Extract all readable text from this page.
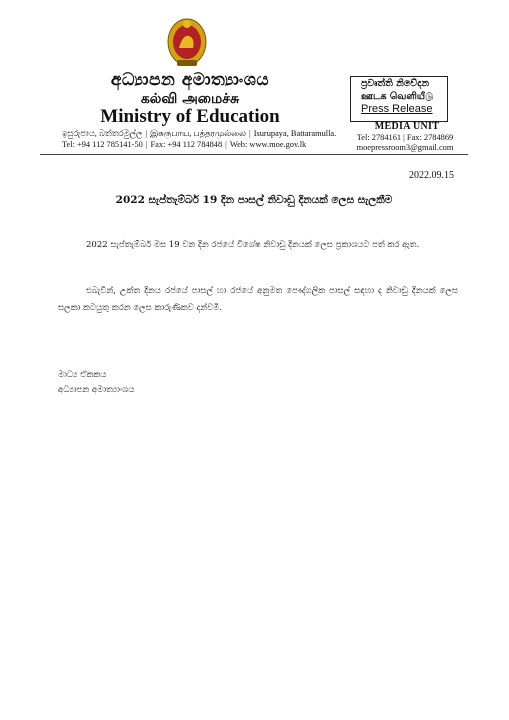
අධ්‍යාපන අමාත්‍යාංශය
கல்வி அமைச்சு
Ministry of Education
ඉසුරුපාය, බත්තරමුල්ල | இசுருபாய, பத்தரமுல்லை | Isurupaya, Battaramulla.
Tel: +94 112 785141-50 | Fax: +94 112 784848 | Web: www.moe.gov.lk
ප්‍රවෘත්ති නිවේදන
ஊடக வெளியீடு
Press Release
MEDIA UNIT
Tel: 2784161 | Fax: 2784869
moepressroom3@gmail.com
2022.09.15
2022 සැප්තැම්බර් 19 දින පාසල් නිවාඩු දිනයක් ලෙස සැලකීම
2022 සැප්තැම්බර් මස 19 වන දින රජයේ විශේෂ නිවාඩු දිනයක් ලෙස ප්‍රකාශයට පත් කර ඇත.
එබැවින්, උක්ත දිනය රජයේ පාසල් හා රජයේ අනුමත පෞද්ගලික පාසල් සඳහා ද නිවාඩු දිනයක් ලෙස සලකා කටයුතු කරන ලෙස කාරුණිකව දන්වමි.
මාධ්‍ය ඒකකය
අධ්‍යාපන අමාත්‍යාංශය
